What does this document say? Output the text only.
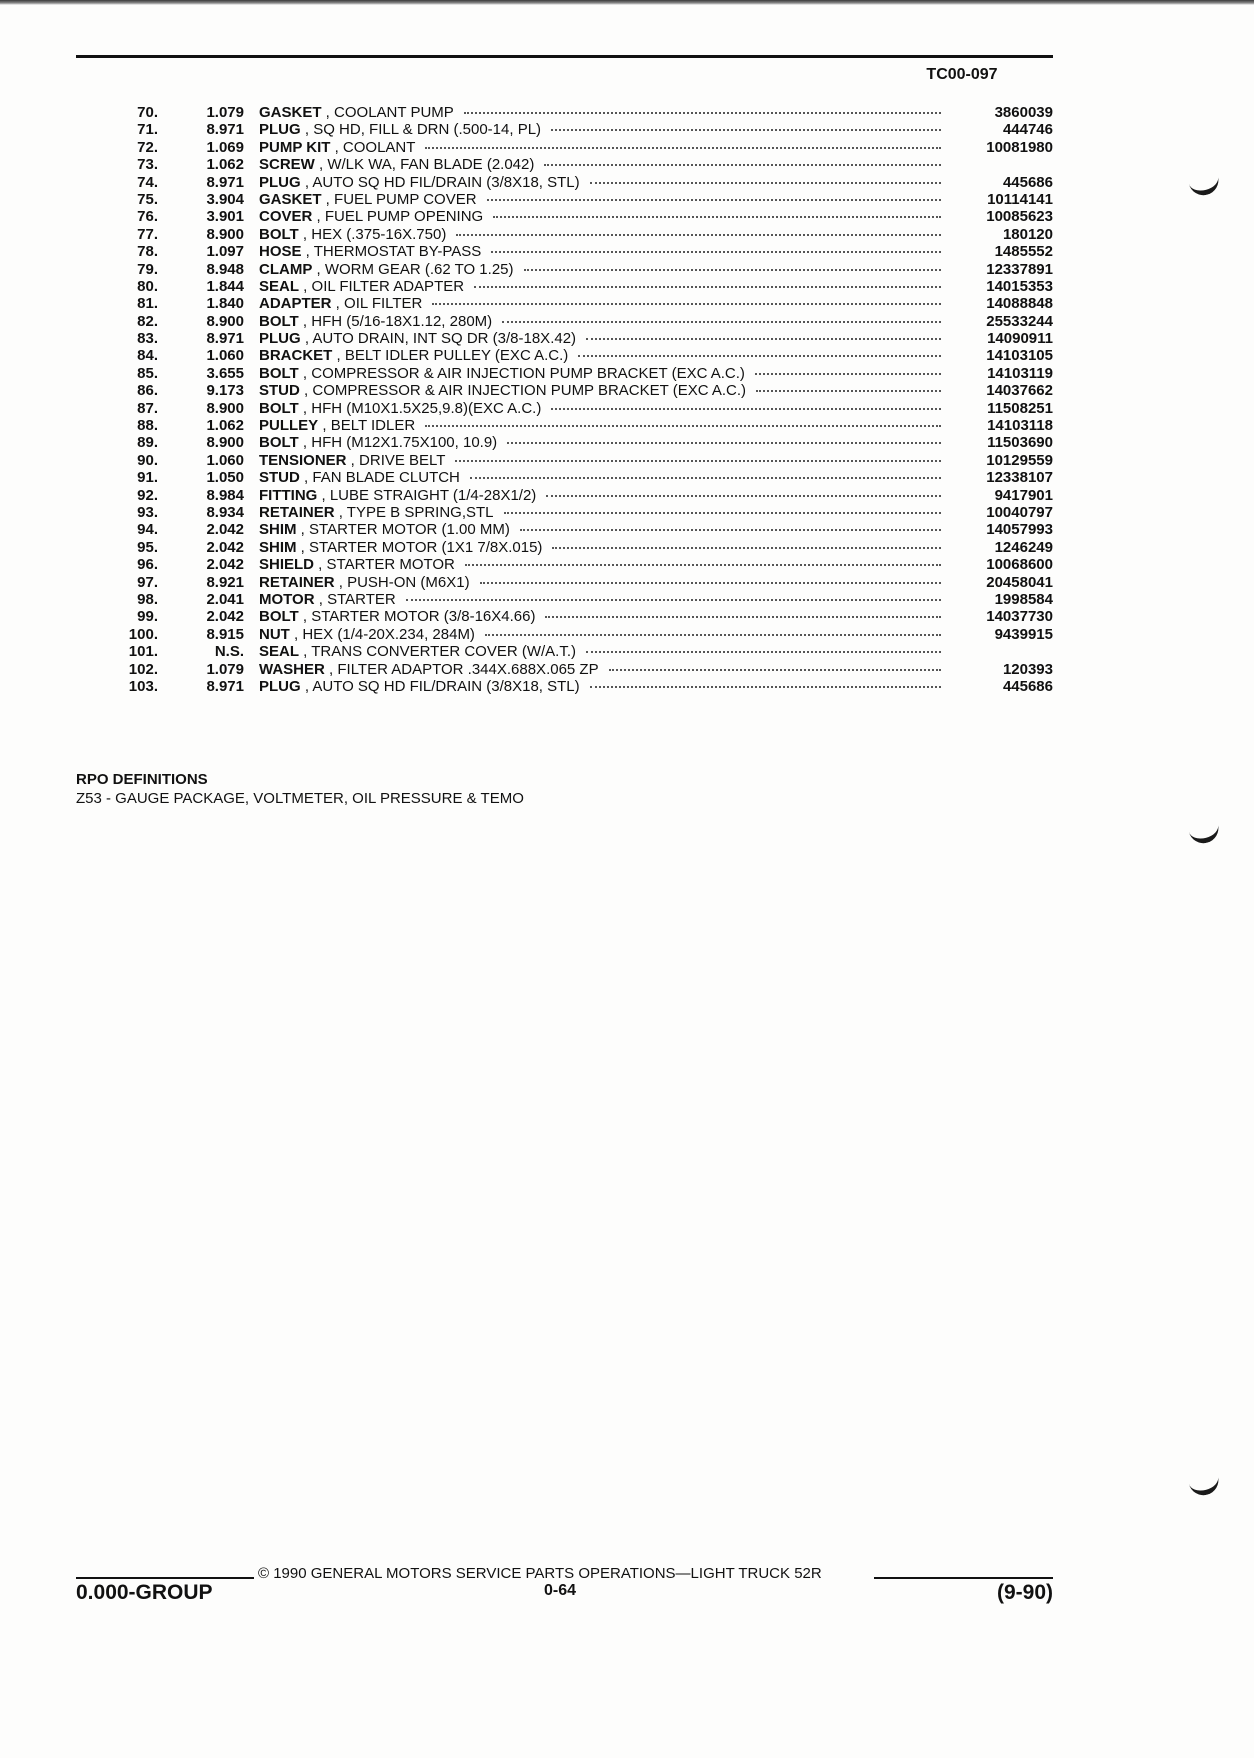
TC00-097
70.	1.079 GASKET , COOLANT PUMP	3860039
71.	8.971 PLUG , SQ HD, FILL & DRN (.500-14, PL)	444746
72.	1.069 PUMP KIT , COOLANT	10081980
73.	1.062 SCREW , W/LK WA, FAN BLADE (2.042)
74.	8.971 PLUG , AUTO SQ HD FIL/DRAIN (3/8X18, STL)	445686
75.	3.904 GASKET , FUEL PUMP COVER	10114141
76.	3.901 COVER , FUEL PUMP OPENING	10085623
77.	8.900 BOLT , HEX (.375-16X.750)	180120
78.	1.097 HOSE , THERMOSTAT BY-PASS	1485552
79.	8.948 CLAMP , WORM GEAR (.62 TO 1.25)	12337891
80.	1.844 SEAL , OIL FILTER ADAPTER	14015353
81.	1.840 ADAPTER , OIL FILTER	14088848
82.	8.900 BOLT , HFH (5/16-18X1.12, 280M)	25533244
83.	8.971 PLUG , AUTO DRAIN, INT SQ DR (3/8-18X.42)	14090911
84.	1.060 BRACKET , BELT IDLER PULLEY (EXC A.C.)	14103105
85.	3.655 BOLT , COMPRESSOR & AIR INJECTION PUMP BRACKET (EXC A.C.)	14103119
86.	9.173 STUD , COMPRESSOR & AIR INJECTION PUMP BRACKET (EXC A.C.)	14037662
87.	8.900 BOLT , HFH (M10X1.5X25,9.8)(EXC A.C.)	11508251
88.	1.062 PULLEY , BELT IDLER	14103118
89.	8.900 BOLT , HFH (M12X1.75X100, 10.9)	11503690
90.	1.060 TENSIONER , DRIVE BELT	10129559
91.	1.050 STUD , FAN BLADE CLUTCH	12338107
92.	8.984 FITTING , LUBE STRAIGHT (1/4-28X1/2)	9417901
93.	8.934 RETAINER , TYPE B SPRING,STL	10040797
94.	2.042 SHIM , STARTER MOTOR (1.00 MM)	14057993
95.	2.042 SHIM , STARTER MOTOR (1X1 7/8X.015)	1246249
96.	2.042 SHIELD , STARTER MOTOR	10068600
97.	8.921 RETAINER , PUSH-ON (M6X1)	20458041
98.	2.041 MOTOR , STARTER	1998584
99.	2.042 BOLT , STARTER MOTOR (3/8-16X4.66)	14037730
100.	8.915 NUT , HEX (1/4-20X.234, 284M)	9439915
101.	N.S. SEAL , TRANS CONVERTER COVER (W/A.T.)
102.	1.079 WASHER , FILTER ADAPTOR .344X.688X.065 ZP	120393
103.	8.971 PLUG , AUTO SQ HD FIL/DRAIN (3/8X18, STL)	445686
RPO DEFINITIONS
Z53 - GAUGE PACKAGE, VOLTMETER, OIL PRESSURE & TEMO
© 1990 GENERAL MOTORS SERVICE PARTS OPERATIONS—LIGHT TRUCK 52R
0.000-GROUP	0-64	(9-90)
